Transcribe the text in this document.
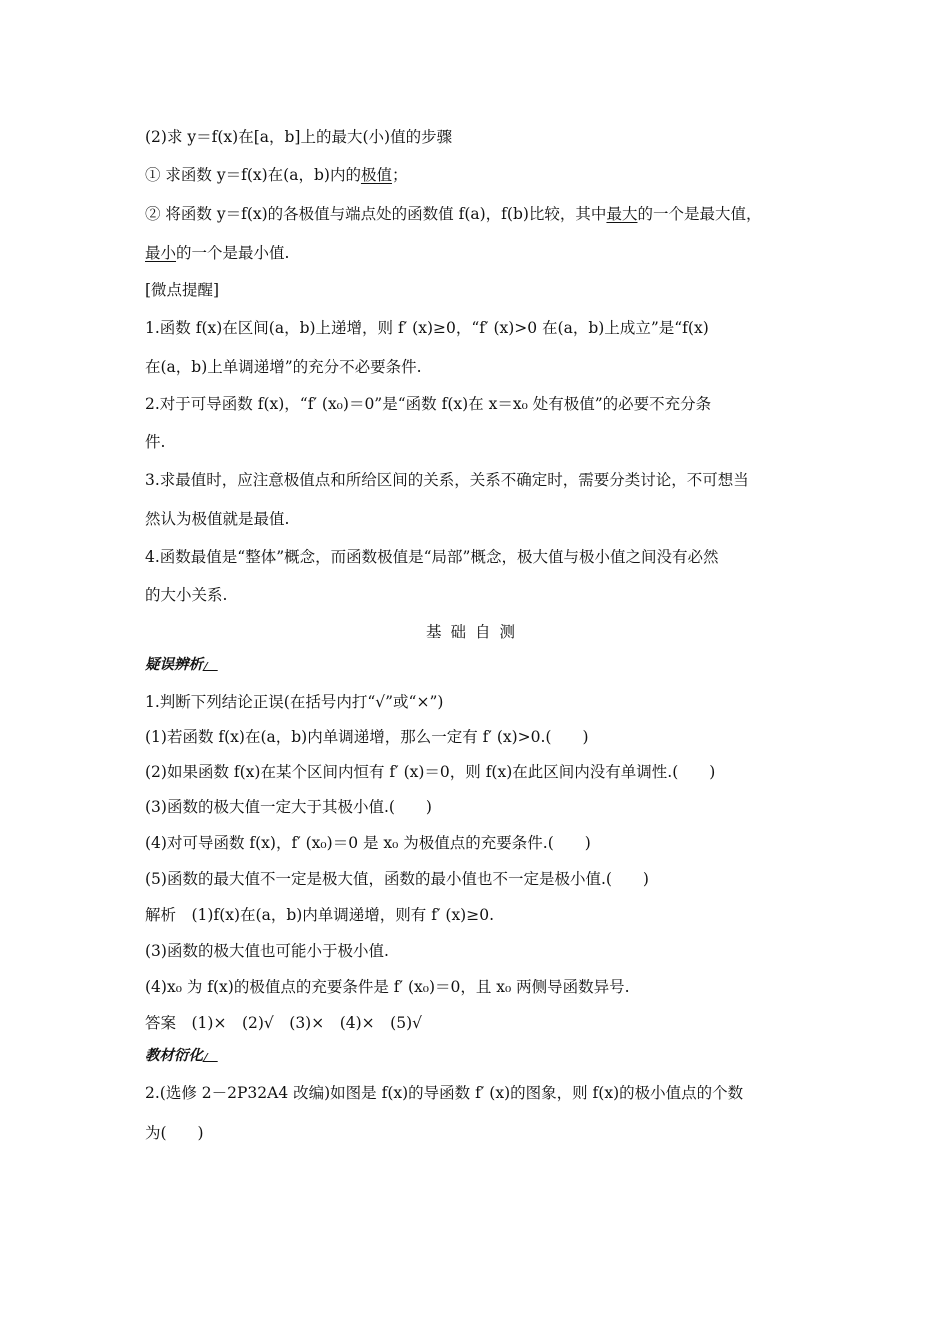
(2)求 y＝f(x)在[a，b]上的最大(小)值的步骤
① 求函数 y＝f(x)在(a，b)内的极值；
② 将函数 y＝f(x)的各极值与端点处的函数值 f(a)，f(b)比较，其中最大的一个是最大值，
最小的一个是最小值.
[微点提醒]
1.函数 f(x)在区间(a，b)上递增，则 f′ (x)≥0，“f′ (x)>0 在(a，b)上成立”是“f(x)
在(a，b)上单调递增”的充分不必要条件.
2.对于可导函数 f(x)，“f′ (x₀)＝0”是“函数 f(x)在 x＝x₀ 处有极值”的必要不充分条
件.
3.求最值时，应注意极值点和所给区间的关系，关系不确定时，需要分类讨论，不可想当
然认为极值就是最值.
4.函数最值是“整体”概念，而函数极值是“局部”概念，极大值与极小值之间没有必然
的大小关系.
基础自测
疑误辨析
1.判断下列结论正误(在括号内打“√”或“×”)
(1)若函数 f(x)在(a，b)内单调递增，那么一定有 f′ (x)>0.(　　)
(2)如果函数 f(x)在某个区间内恒有 f′ (x)＝0，则 f(x)在此区间内没有单调性.(　　)
(3)函数的极大值一定大于其极小值.(　　)
(4)对可导函数 f(x)，f′ (x₀)＝0 是 x₀ 为极值点的充要条件.(　　)
(5)函数的最大值不一定是极大值，函数的最小值也不一定是极小值.(　　)
解析　(1)f(x)在(a，b)内单调递增，则有 f′ (x)≥0.
(3)函数的极大值也可能小于极小值.
(4)x₀ 为 f(x)的极值点的充要条件是 f′ (x₀)＝0，且 x₀ 两侧导函数异号.
答案　(1)×　(2)√　(3)×　(4)×　(5)√
教材衍化
2.(选修 2－2P32A4 改编)如图是 f(x)的导函数 f′ (x)的图象，则 f(x)的极小值点的个数
为(　　)
